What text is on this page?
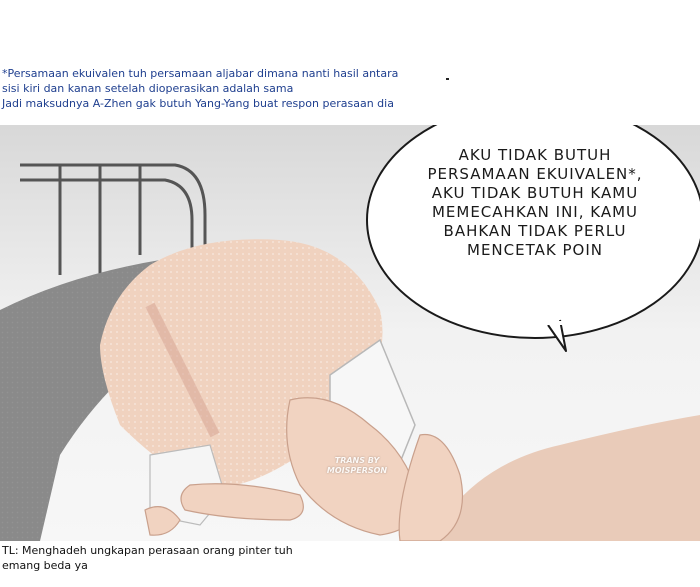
*Persamaan ekuivalen tuh persamaan aljabar dimana nanti hasil antara
sisi kiri dan kanan setelah dioperasikan adalah sama
Jadi maksudnya A-Zhen gak butuh Yang-Yang buat respon perasaan dia
AKU TIDAK BUTUH
PERSAMAAN EKUIVALEN*,
AKU TIDAK BUTUH KAMU
MEMECAHKAN INI, KAMU
BAHKAN TIDAK PERLU
MENCETAK POIN
TRANS BY
MOISPERSON
TL: Menghadeh ungkapan perasaan orang pinter tuh
emang beda ya
